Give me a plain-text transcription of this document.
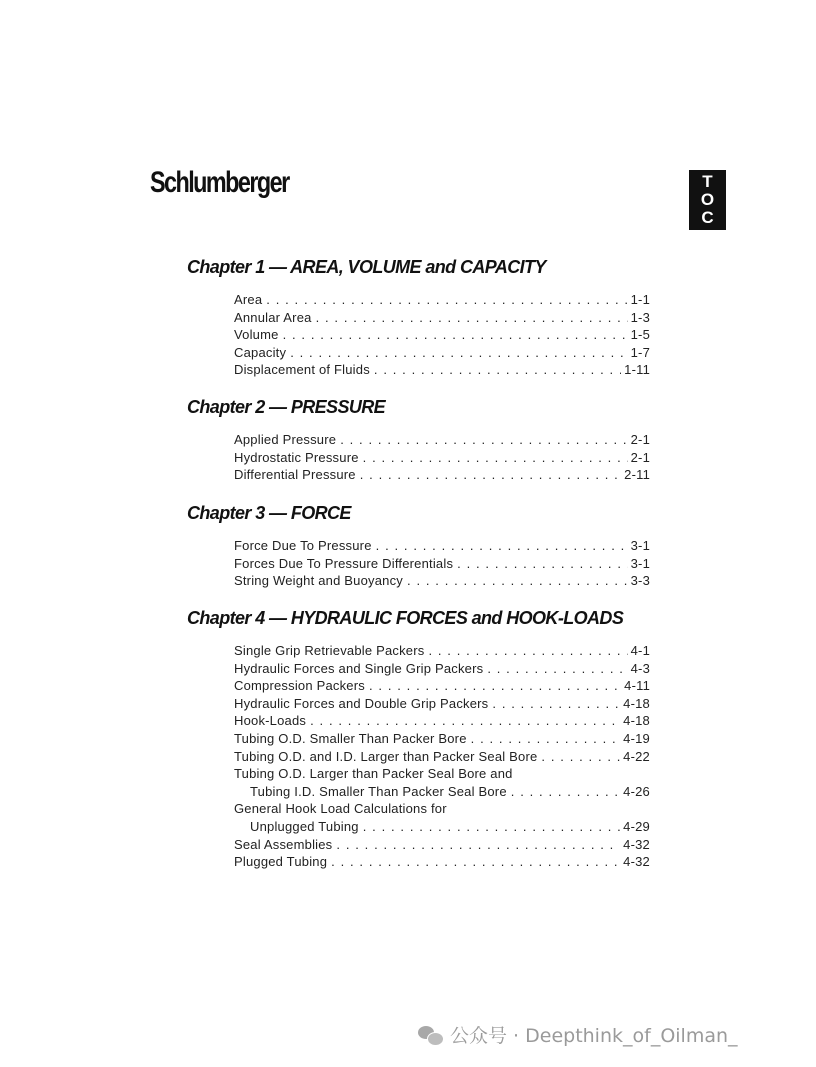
Schlumberger	T
O
C
Chapter 1 — AREA, VOLUME and CAPACITY
Area . . .	1-1
Annular Area . . .	1-3
Volume . . .	1-5
Capacity . . .	1-7
Displacement of Fluids . . .	1-11
Chapter 2 — PRESSURE
Applied Pressure . . .	2-1
Hydrostatic Pressure . . .	2-1
Differential Pressure . . .	2-11
Chapter 3 — FORCE
Force Due To Pressure . . .	3-1
Forces Due To Pressure Differentials . . .	3-1
String Weight and Buoyancy . . .	3-3
Chapter 4 — HYDRAULIC FORCES and HOOK-LOADS
Single Grip Retrievable Packers . . .	4-1
Hydraulic Forces and Single Grip Packers . . .	4-3
Compression Packers . . .	4-11
Hydraulic Forces and Double Grip Packers . . .	4-18
Hook-Loads . . .	4-18
Tubing O.D. Smaller Than Packer Bore . . .	4-19
Tubing O.D. and I.D. Larger than Packer Seal Bore . . .	4-22
Tubing O.D. Larger than Packer Seal Bore and
Tubing I.D. Smaller Than Packer Seal Bore . . .	4-26
General Hook Load Calculations for
Unplugged Tubing . . .	4-29
Seal Assemblies . . .	4-32
Plugged Tubing . . .	4-32
公众号 · Deepthink_of_Oilman_
